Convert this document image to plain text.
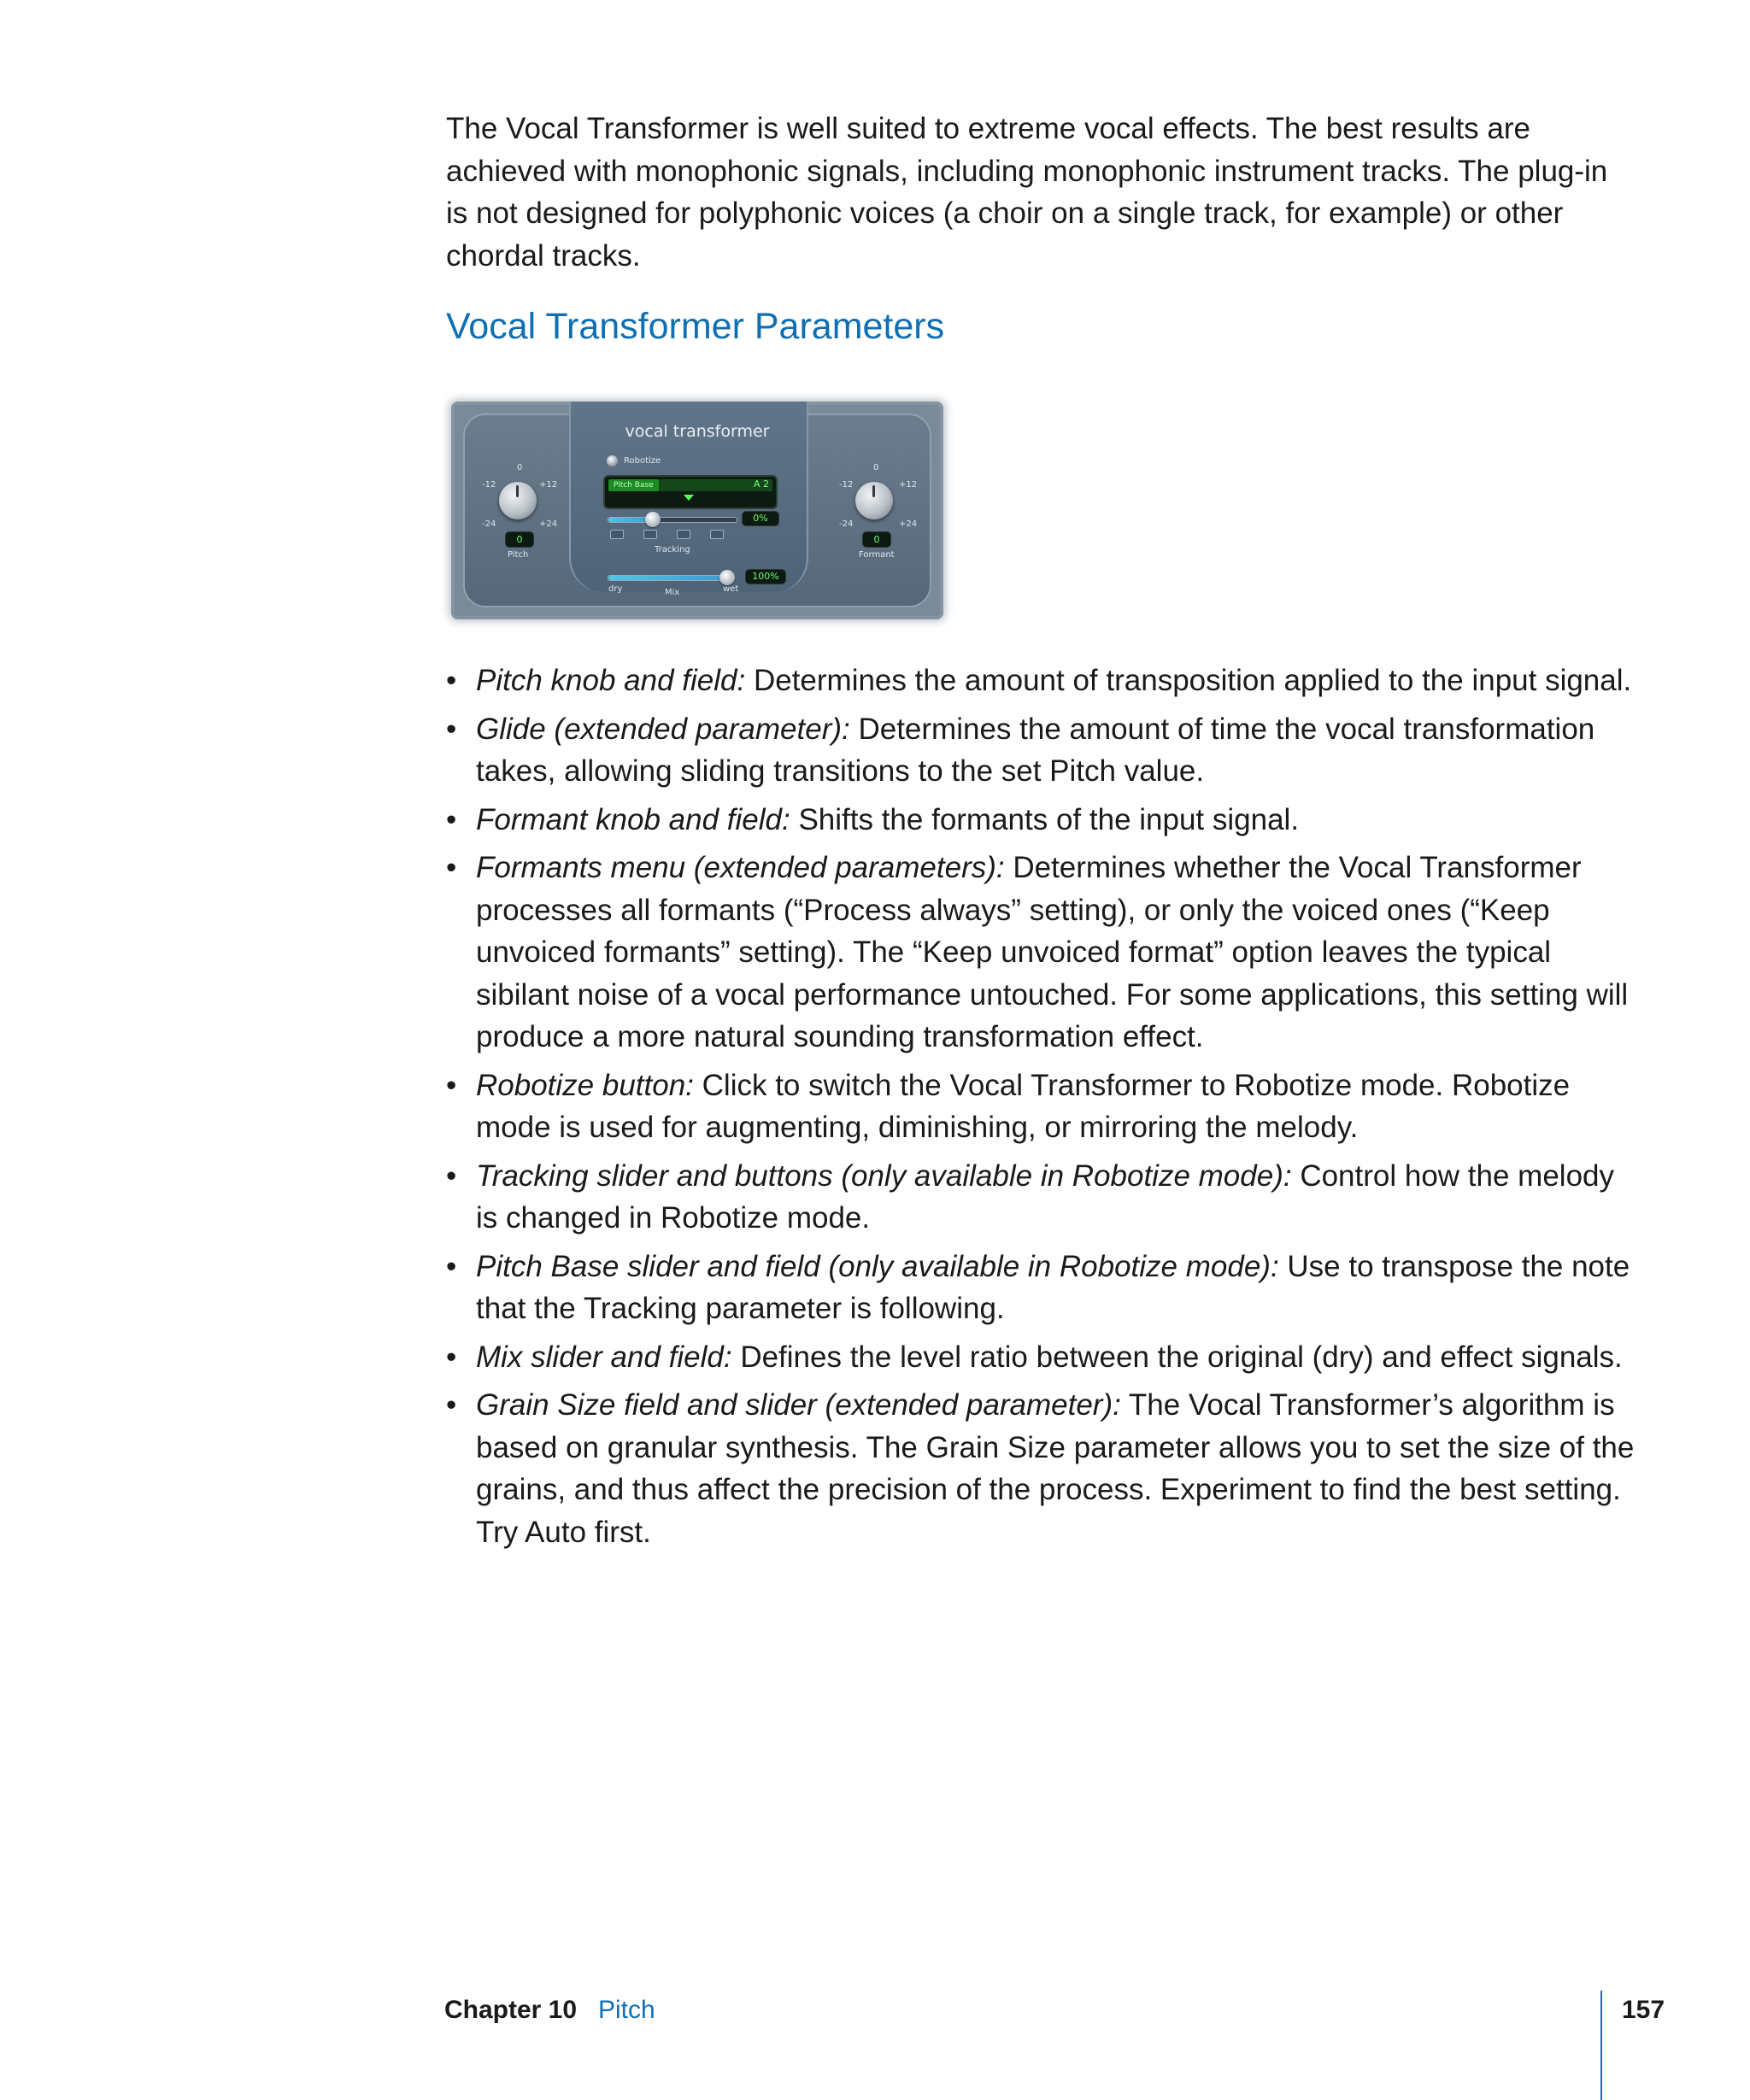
The Vocal Transformer is well suited to extreme vocal effects. The best results are achieved with monophonic signals, including monophonic instrument tracks. The plug-in is not designed for polyphonic voices (a choir on a single track, for example) or other chordal tracks.

Vocal Transformer Parameters
0
-12	+12
-24	+24
0
Pitch
vocal transformer
Robotize
Pitch Base	A 2
0%
Tracking
100%
dry	wet
Mix
0
-12	+12
-24	+24
0
Formant
• Pitch knob and field: Determines the amount of transposition applied to the input signal.
• Glide (extended parameter): Determines the amount of time the vocal transformation takes, allowing sliding transitions to the set Pitch value.
• Formant knob and field: Shifts the formants of the input signal.
• Formants menu (extended parameters): Determines whether the Vocal Transformer processes all formants (“Process always” setting), or only the voiced ones (“Keep unvoiced formants” setting). The “Keep unvoiced format” option leaves the typical sibilant noise of a vocal performance untouched. For some applications, this setting will produce a more natural sounding transformation effect.
• Robotize button: Click to switch the Vocal Transformer to Robotize mode. Robotize mode is used for augmenting, diminishing, or mirroring the melody.
• Tracking slider and buttons (only available in Robotize mode): Control how the melody is changed in Robotize mode.
• Pitch Base slider and field (only available in Robotize mode): Use to transpose the note that the Tracking parameter is following.
• Mix slider and field: Defines the level ratio between the original (dry) and effect signals.
• Grain Size field and slider (extended parameter): The Vocal Transformer’s algorithm is based on granular synthesis. The Grain Size parameter allows you to set the size of the grains, and thus affect the precision of the process. Experiment to find the best setting. Try Auto first.
Chapter 10 Pitch	157
